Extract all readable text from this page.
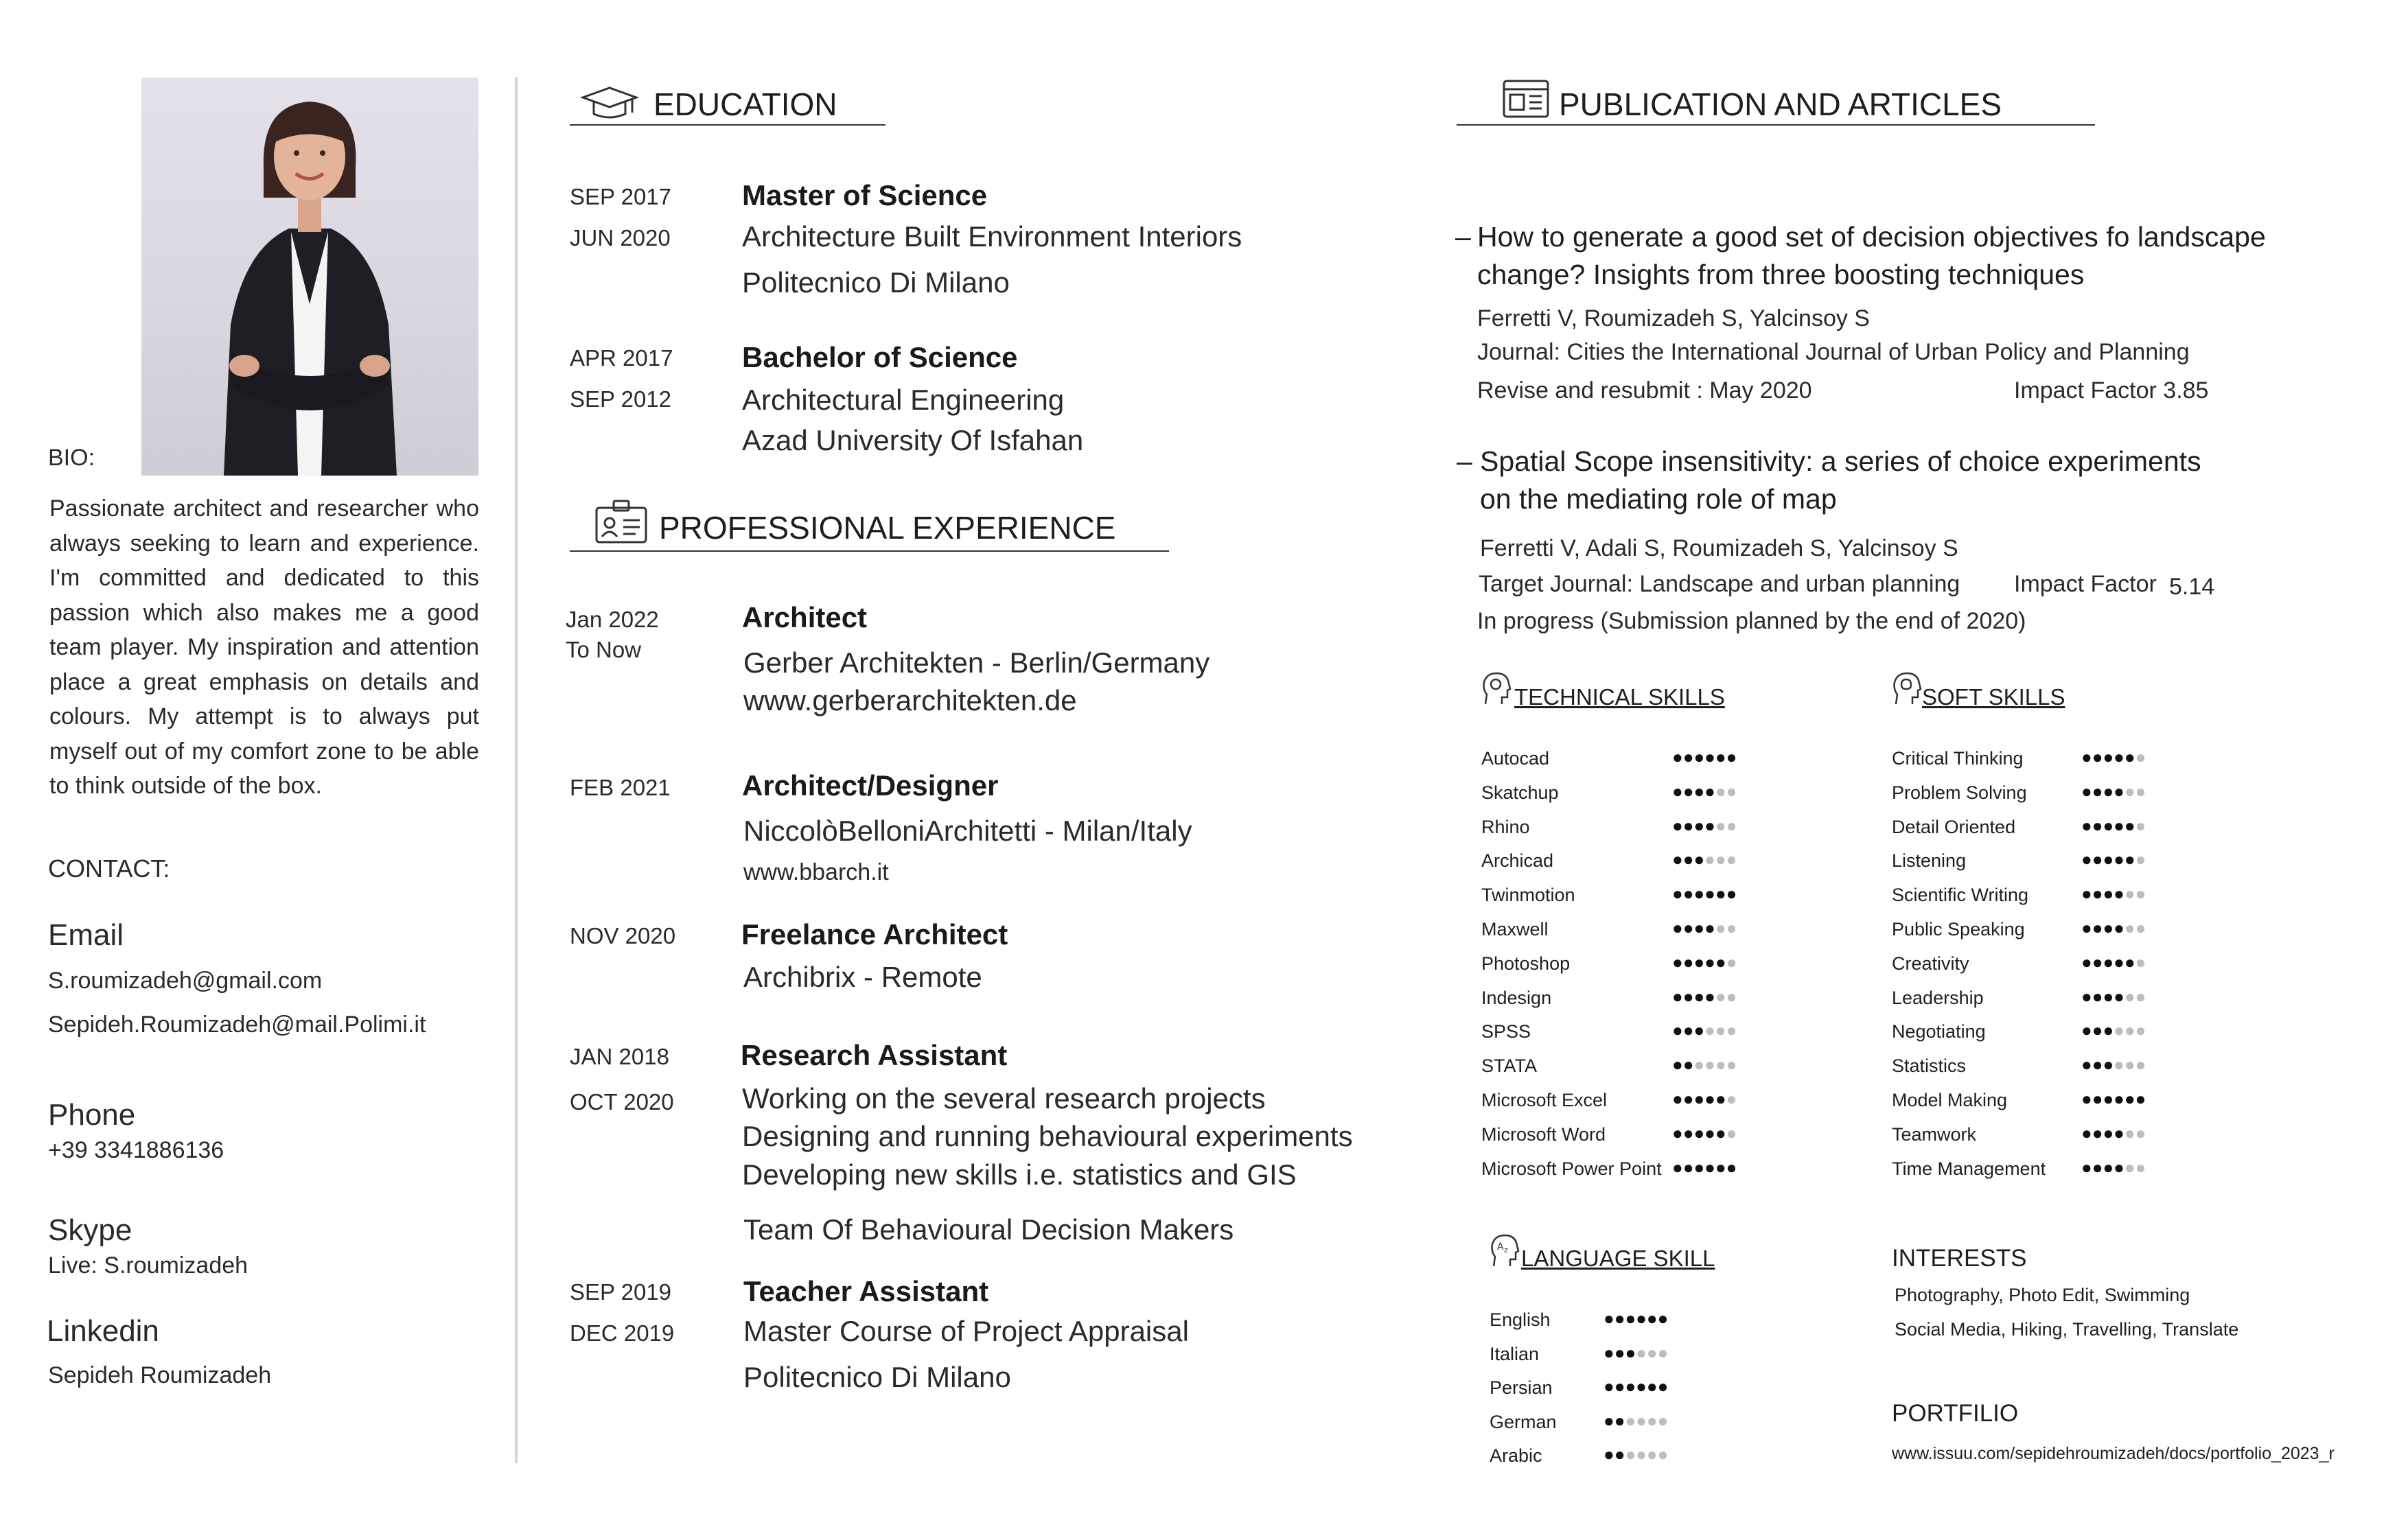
BIO:
Passionate architect and researcher who always seeking to learn and experience. I'm committed and dedicated to this passion which also makes me a good team player. My inspiration and attention place a great emphasis on details and colours. My attempt is to always put myself out of my comfort zone to be able to think outside of the box.
CONTACT:
Email
S.roumizadeh@gmail.com
Sepideh.Roumizadeh@mail.Polimi.it
Phone
+39 3341886136
Skype
Live: S.roumizadeh
Linkedin
Sepideh Roumizadeh
EDUCATION
SEP 2017
JUN 2020
Master of Science
Architecture Built Environment Interiors
Politecnico Di Milano
APR 2017
SEP 2012
Bachelor of Science
Architectural Engineering
Azad University Of Isfahan
PROFESSIONAL EXPERIENCE
Jan 2022
To Now
Architect
Gerber Architekten - Berlin/Germany
www.gerberarchitekten.de
FEB 2021 Architect/Designer
NiccolòBelloniArchitetti - Milan/Italy
www.bbarch.it
NOV 2020 Freelance Architect
Archibrix - Remote
JAN 2018
OCT 2020
Research Assistant
Working on the several research projects
Designing and running behavioural experiments
Developing new skills i.e. statistics and GIS
Team Of Behavioural Decision Makers
SEP 2019
DEC 2019
Teacher Assistant
Master Course of Project Appraisal
Politecnico Di Milano
PUBLICATION AND ARTICLES
– How to generate a good set of decision objectives fo landscape
change? Insights from three boosting techniques
Ferretti V, Roumizadeh S, Yalcinsoy S
Journal: Cities the International Journal of Urban Policy and Planning
Revise and resubmit : May 2020	Impact Factor 3.85
– Spatial Scope insensitivity: a series of choice experiments
on the mediating role of map
Ferretti V, Adali S, Roumizadeh S, Yalcinsoy S
Target Journal: Landscape and urban planning Impact Factor 5.14
In progress (Submission planned by the end of 2020)
TECHNICAL SKILLS
Autocad	●●●●●●
Skatchup	●●●●●●
Rhino	●●●●●●
Archicad	●●●●●●
Twinmotion	●●●●●●
Maxwell	●●●●●●
Photoshop	●●●●●●
Indesign	●●●●●●
SPSS	●●●●●●
STATA	●●●●●●
Microsoft Excel	●●●●●●
Microsoft Word	●●●●●●
Microsoft Power Point ●●●●●●
SOFT SKILLS
Critical Thinking	●●●●●●
Problem Solving	●●●●●●
Detail Oriented	●●●●●●
Listening	●●●●●●
Scientific Writing	●●●●●●
Public Speaking	●●●●●●
Creativity	●●●●●●
Leadership	●●●●●●
Negotiating	●●●●●●
Statistics	●●●●●●
Model Making	●●●●●●
Teamwork	●●●●●●
Time Management ●●●●●●
A z LANGUAGE SKILL
English	●●●●●●
Italian	●●●●●●
Persian	●●●●●●
German	●●●●●●
Arabic	●●●●●●
INTERESTS
Photography, Photo Edit, Swimming
Social Media, Hiking, Travelling, Translate
PORTFILIO
www.issuu.com/sepidehroumizadeh/docs/portfolio_2023_r
